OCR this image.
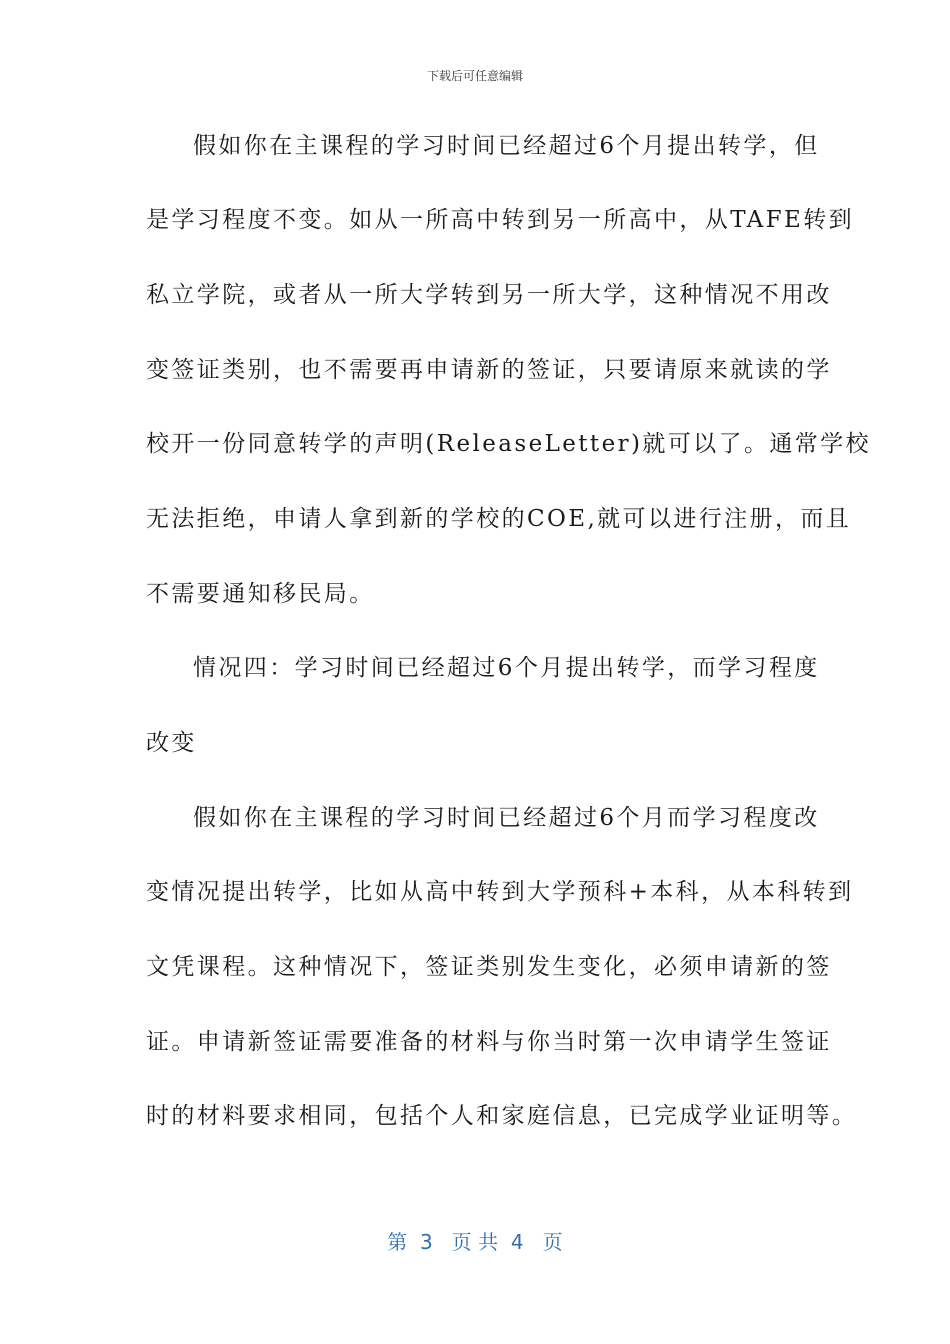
下载后可任意编辑
假如你在主课程的学习时间已经超过6个月提出转学，但
是学习程度不变。如从一所高中转到另一所高中，从TAFE转到
私立学院，或者从一所大学转到另一所大学，这种情况不用改
变签证类别，也不需要再申请新的签证，只要请原来就读的学
校开一份同意转学的声明(ReleaseLetter)就可以了。通常学校
无法拒绝，申请人拿到新的学校的COE,就可以进行注册，而且
不需要通知移民局。
情况四：学习时间已经超过6个月提出转学，而学习程度
改变
假如你在主课程的学习时间已经超过6个月而学习程度改
变情况提出转学，比如从高中转到大学预科+本科，从本科转到
文凭课程。这种情况下，签证类别发生变化，必须申请新的签
证。申请新签证需要准备的材料与你当时第一次申请学生签证
时的材料要求相同，包括个人和家庭信息，已完成学业证明等。
第  3   页 共  4   页
